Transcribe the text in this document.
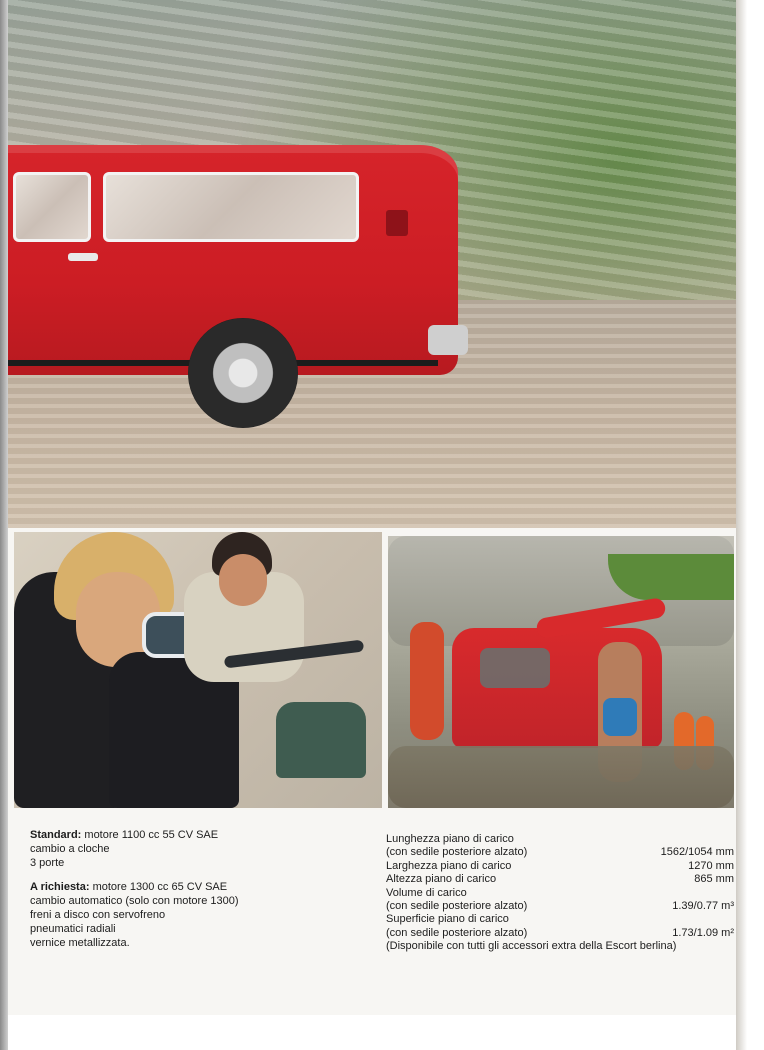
Standard: motore 1100 cc 55 CV SAE
cambio a cloche
3 porte
A richiesta: motore 1300 cc 65 CV SAE
cambio automatico (solo con motore 1300)
freni a disco con servofreno
pneumatici radiali
vernice metallizzata.
Lunghezza piano di carico
(con sedile posteriore alzato)	1562/1054 mm
Larghezza piano di carico	1270 mm
Altezza piano di carico	865 mm
Volume di carico
(con sedile posteriore alzato)	1.39/0.77 m³
Superficie piano di carico
(con sedile posteriore alzato)	1.73/1.09 m²
(Disponibile con tutti gli accessori extra della Escort berlina)
